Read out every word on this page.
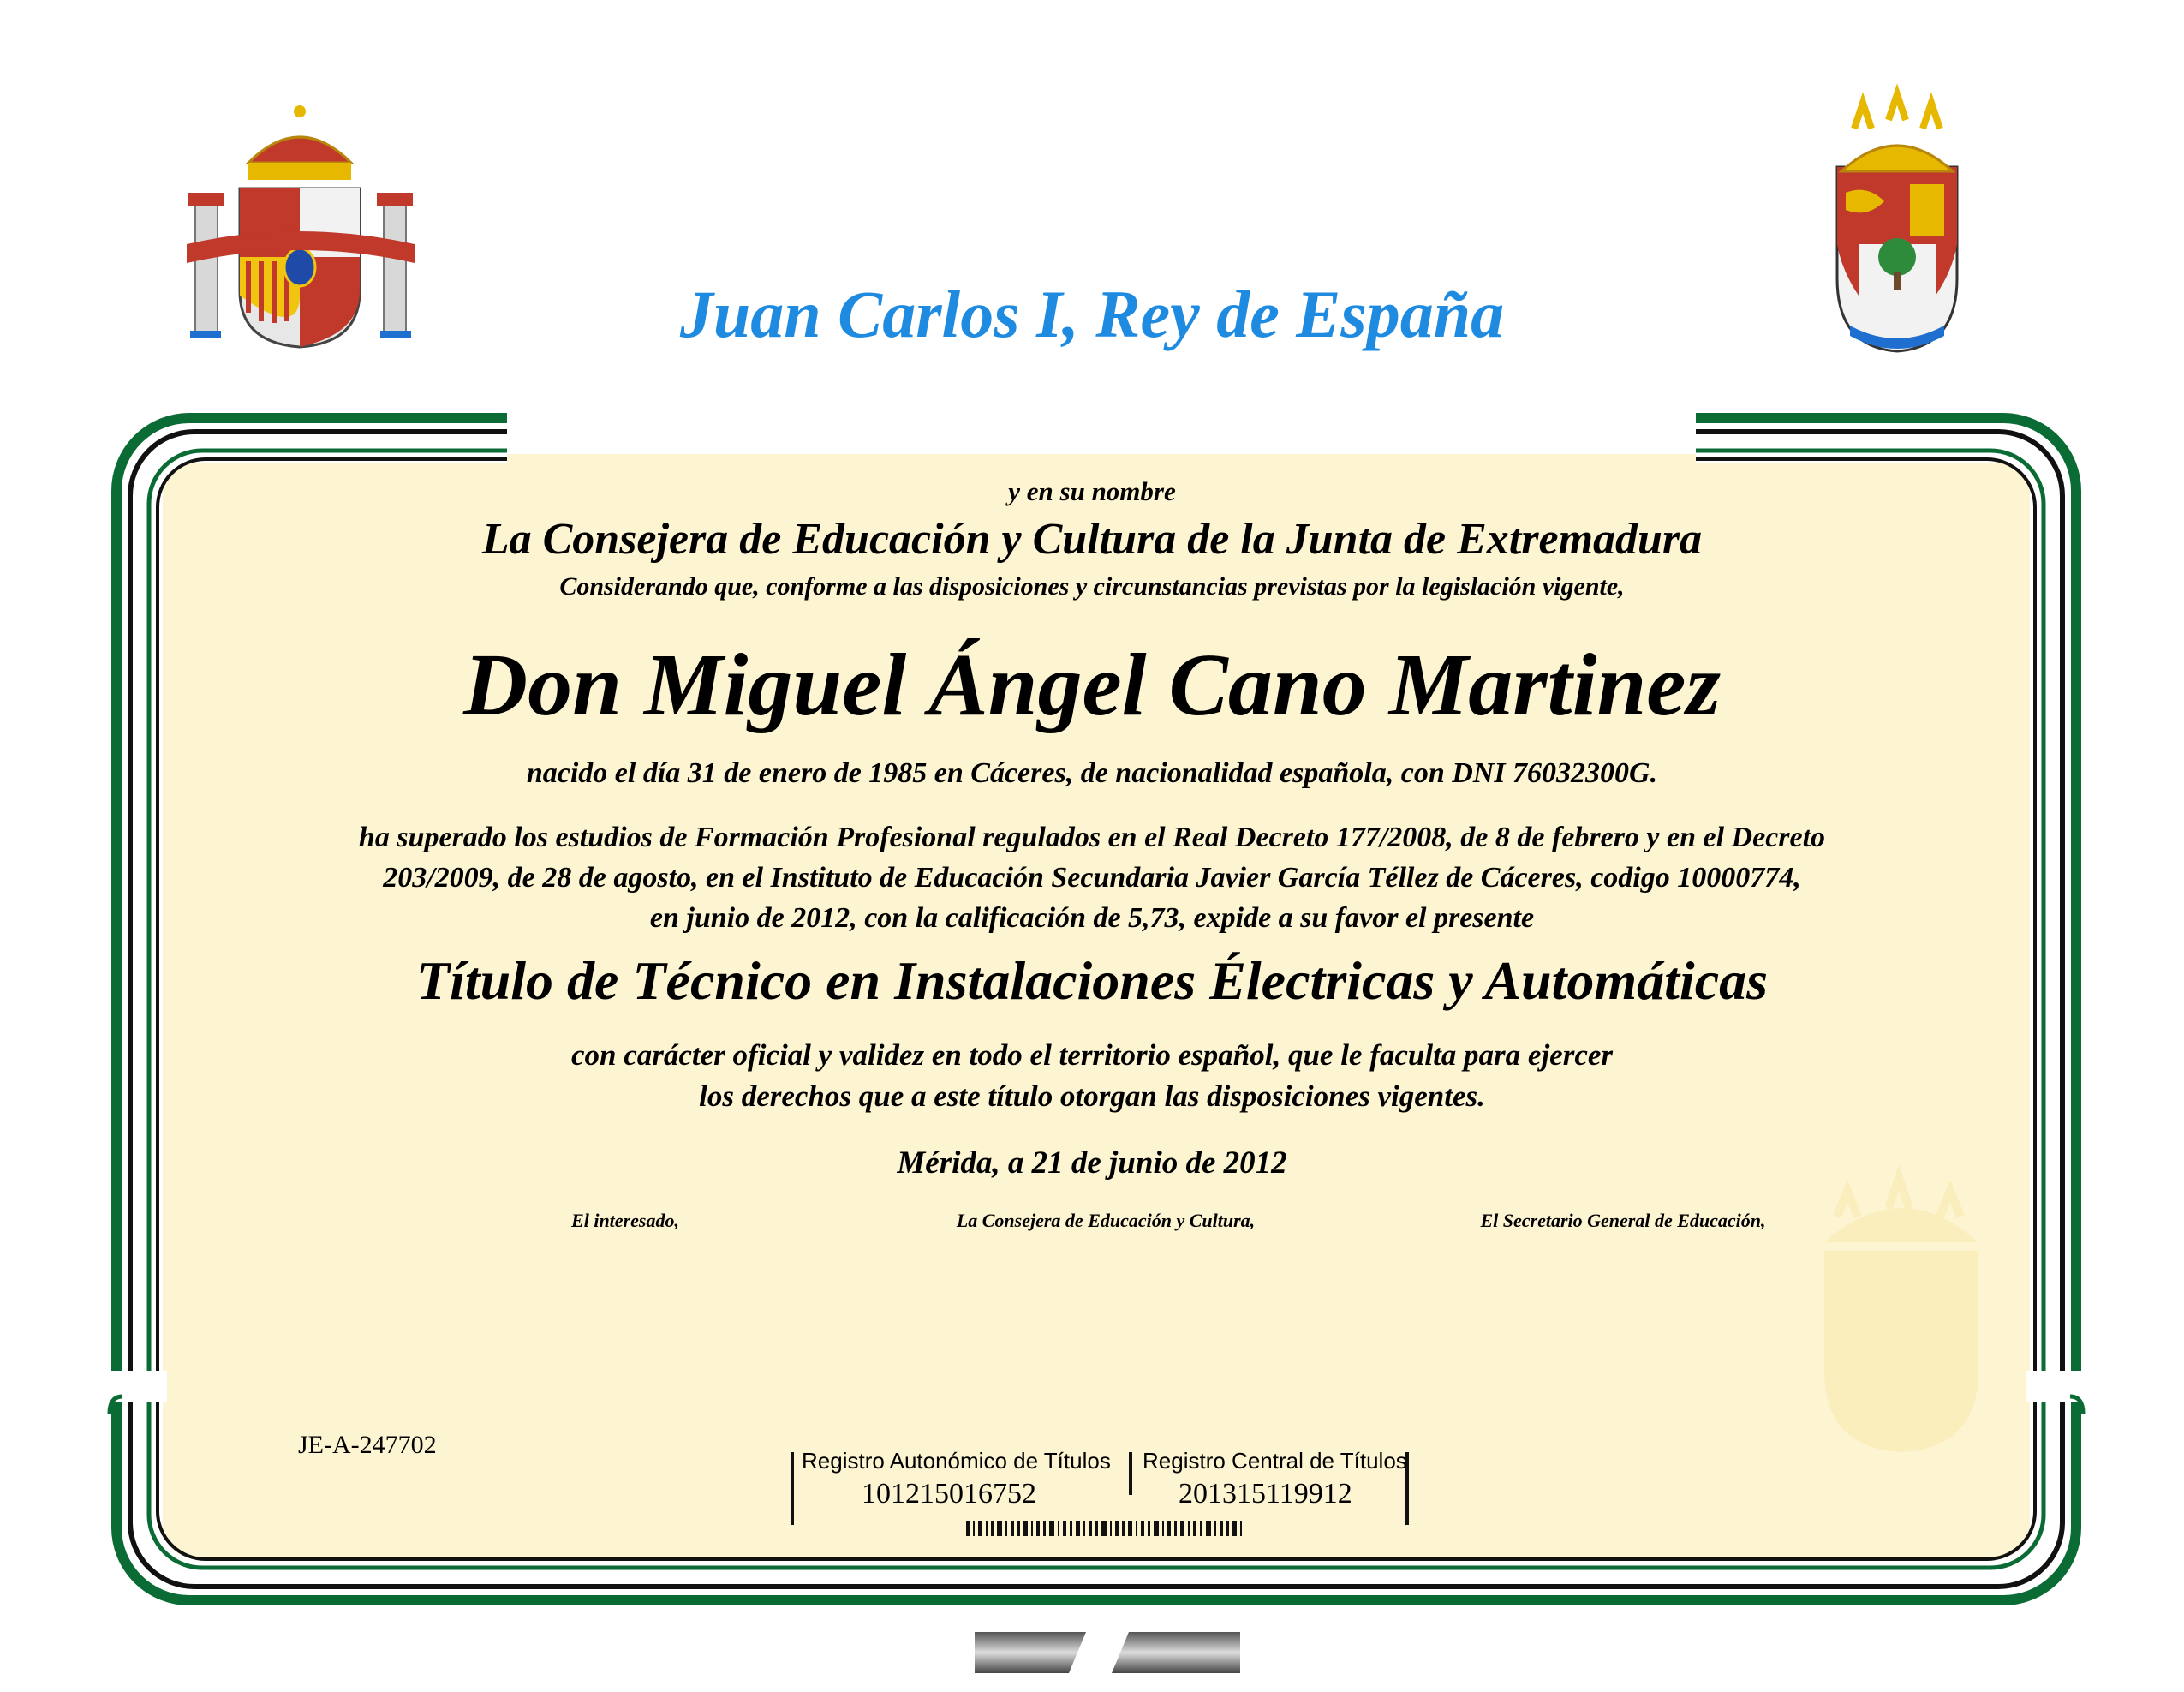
Juan Carlos I, Rey de España
y en su nombre
La Consejera de Educación y Cultura de la Junta de Extremadura
Considerando que, conforme a las disposiciones y circunstancias previstas por la legislación vigente,
Don Miguel Ángel Cano Martinez
nacido el día 31 de enero de 1985 en Cáceres, de nacionalidad española, con DNI 76032300G.
ha superado los estudios de Formación Profesional regulados en el Real Decreto 177/2008, de 8 de febrero y en el Decreto
203/2009, de 28 de agosto, en el Instituto de Educación Secundaria Javier García Téllez de Cáceres, codigo 10000774,
en junio de 2012, con la calificación de 5,73, expide a su favor el presente
Título de Técnico en Instalaciones Électricas y Automáticas
con carácter oficial y validez en todo el territorio español, que le faculta para ejercer
los derechos que a este título otorgan las disposiciones vigentes.
Mérida, a 21 de junio de 2012
El interesado,	La Consejera de Educación y Cultura,	El Secretario General de Educación,
JE-A-247702
Registro Autonómico de Títulos
101215016752
Registro Central de Títulos
201315119912
